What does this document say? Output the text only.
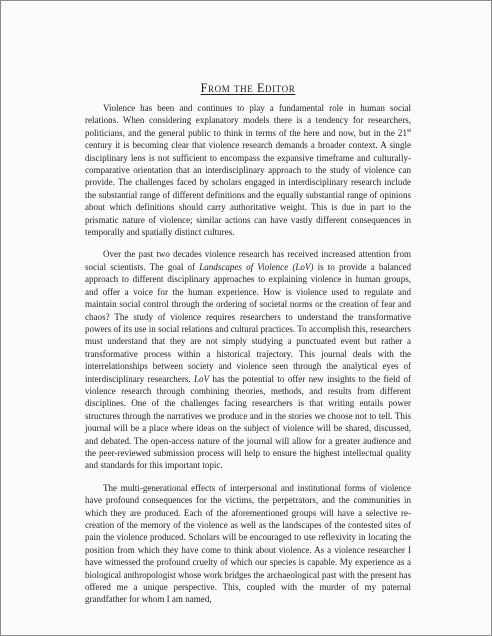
From the Editor

Violence has been and continues to play a fundamental role in human social relations. When considering explanatory models there is a tendency for researchers, politicians, and the general public to think in terms of the here and now, but in the 21st century it is becoming clear that violence research demands a broader context. A single disciplinary lens is not sufficient to encompass the expansive timeframe and culturally-comparative orientation that an interdisciplinary approach to the study of violence can provide. The challenges faced by scholars engaged in interdisciplinary research include the substantial range of different definitions and the equally substantial range of opinions about which definitions should carry authoritative weight. This is due in part to the prismatic nature of violence; similar actions can have vastly different consequences in temporally and spatially distinct cultures.

Over the past two decades violence research has received increased attention from social scientists. The goal of Landscapes of Violence (LoV) is to provide a balanced approach to different disciplinary approaches to explaining violence in human groups, and offer a voice for the human experience. How is violence used to regulate and maintain social control through the ordering of societal norms or the creation of fear and chaos? The study of violence requires researchers to understand the transformative powers of its use in social relations and cultural practices. To accomplish this, researchers must understand that they are not simply studying a punctuated event but rather a transformative process within a historical trajectory. This journal deals with the interrelationships between society and violence seen through the analytical eyes of interdisciplinary researchers. LoV has the potential to offer new insights to the field of violence research through combining theories, methods, and results from different disciplines. One of the challenges facing researchers is that writing entails power structures through the narratives we produce and in the stories we choose not to tell. This journal will be a place where ideas on the subject of violence will be shared, discussed, and debated. The open-access nature of the journal will allow for a greater audience and the peer-reviewed submission process will help to ensure the highest intellectual quality and standards for this important topic.

The multi-generational effects of interpersonal and institutional forms of violence have profound consequences for the victims, the perpetrators, and the communities in which they are produced. Each of the aforementioned groups will have a selective re-creation of the memory of the violence as well as the landscapes of the contested sites of pain the violence produced. Scholars will be encouraged to use reflexivity in locating the position from which they have come to think about violence. As a violence researcher I have witnessed the profound cruelty of which our species is capable. My experience as a biological anthropologist whose work bridges the archaeological past with the present has offered me a unique perspective. This, coupled with the murder of my paternal grandfather for whom I am named,
